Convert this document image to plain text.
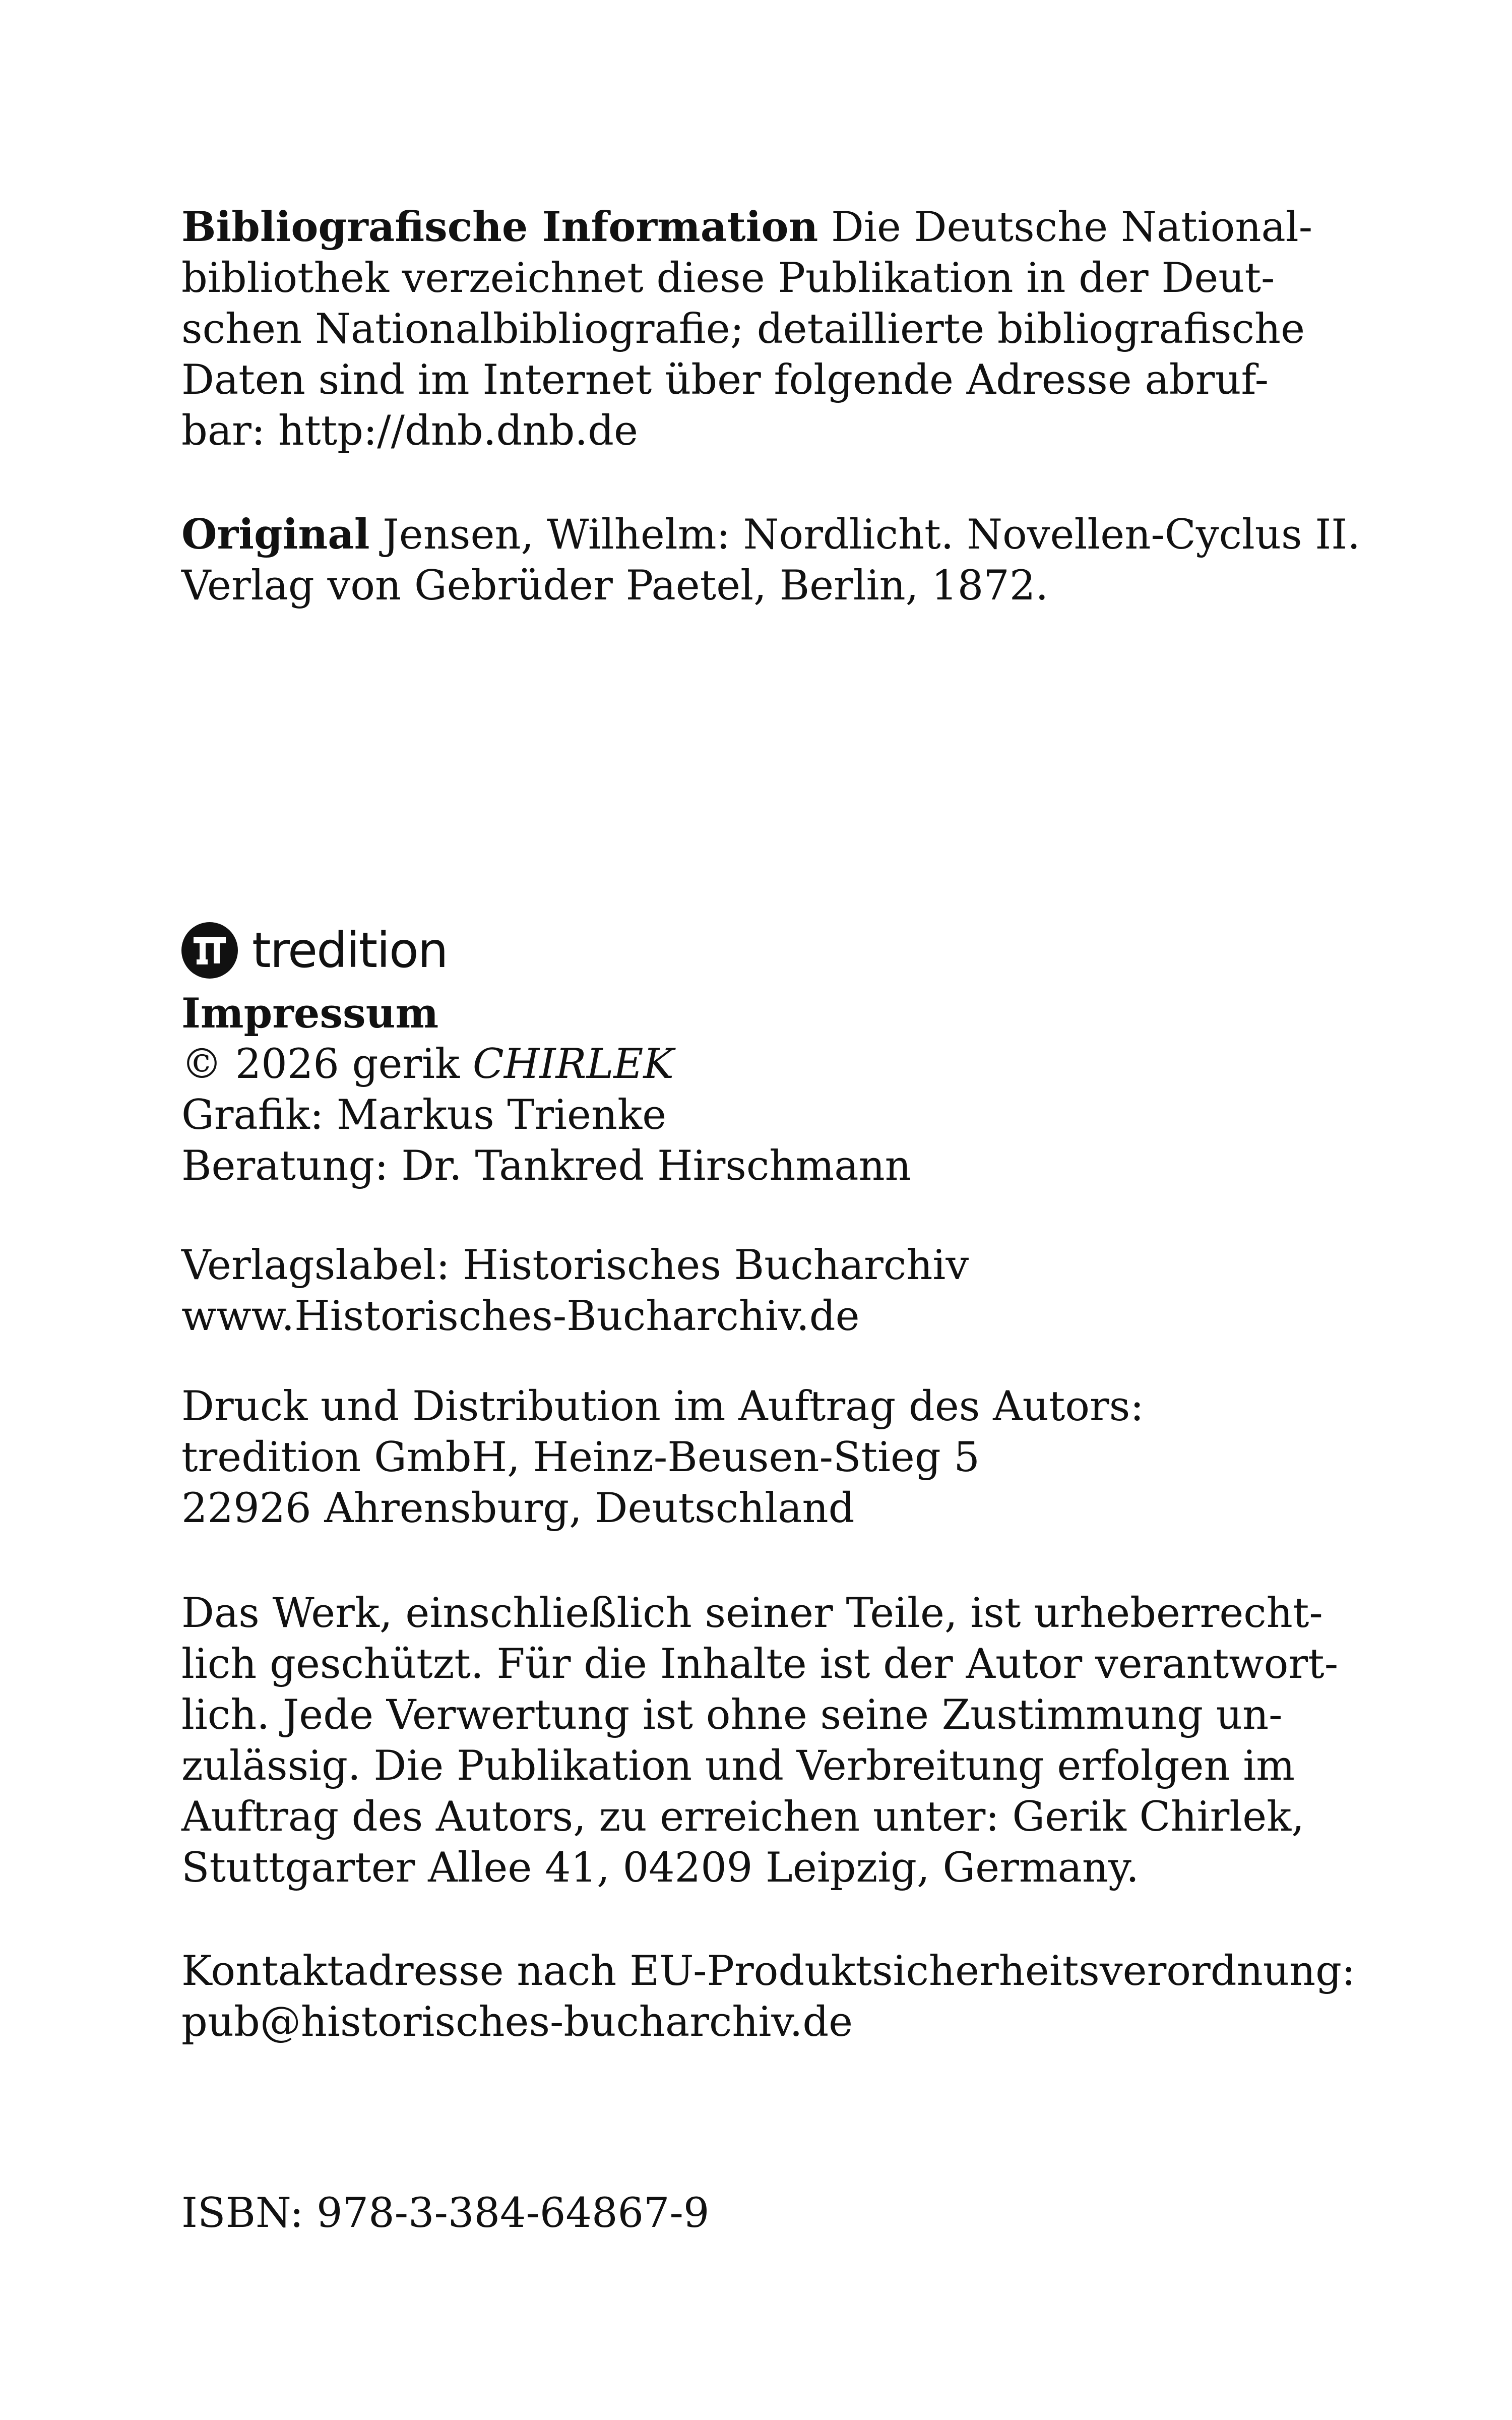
Bibliografische Information Die Deutsche National-
bibliothek verzeichnet diese Publikation in der Deut-
schen Nationalbibliografie; detaillierte bibliografische
Daten sind im Internet über folgende Adresse abruf-
bar: http://dnb.dnb.de
Original Jensen, Wilhelm: Nordlicht. Novellen-Cyclus II.
Verlag von Gebrüder Paetel, Berlin, 1872.
tredition
Impressum
© 2026 gerik CHIRLEK
Grafik: Markus Trienke
Beratung: Dr. Tankred Hirschmann
Verlagslabel: Historisches Bucharchiv
www.Historisches-Bucharchiv.de
Druck und Distribution im Auftrag des Autors:
tredition GmbH, Heinz-Beusen-Stieg 5
22926 Ahrensburg, Deutschland
Das Werk, einschließlich seiner Teile, ist urheberrecht-
lich geschützt. Für die Inhalte ist der Autor verantwort-
lich. Jede Verwertung ist ohne seine Zustimmung un-
zulässig. Die Publikation und Verbreitung erfolgen im
Auftrag des Autors, zu erreichen unter: Gerik Chirlek,
Stuttgarter Allee 41, 04209 Leipzig, Germany.
Kontaktadresse nach EU-Produktsicherheitsverordnung:
pub@historisches-bucharchiv.de
ISBN: 978-3-384-64867-9
